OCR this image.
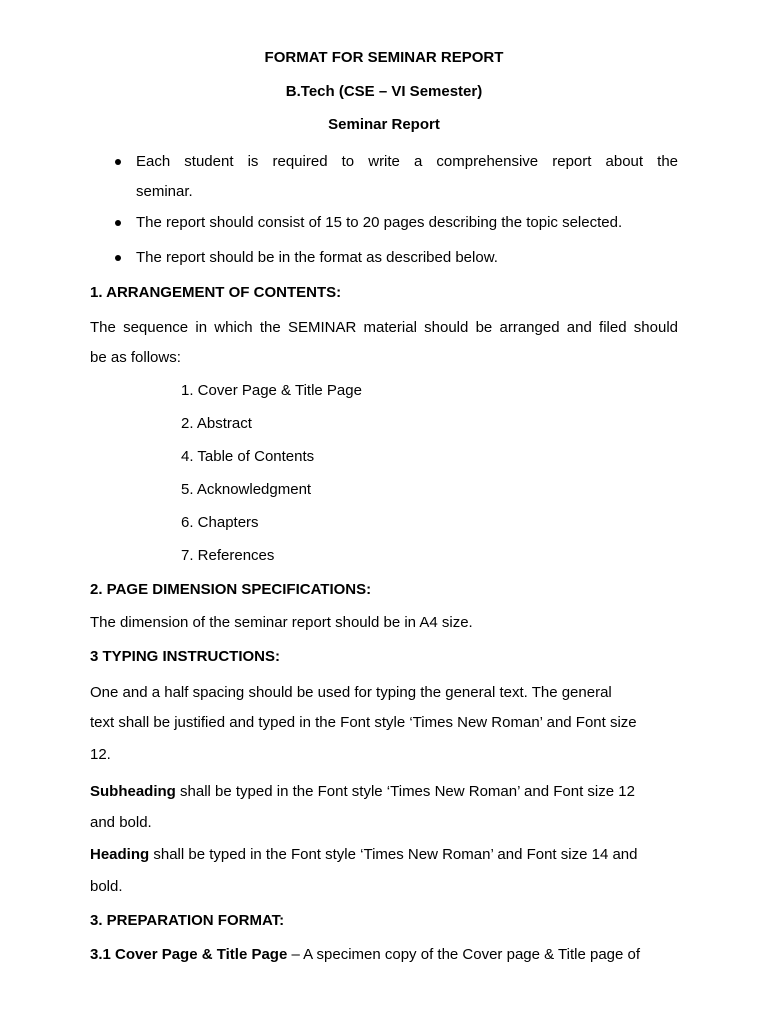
FORMAT FOR SEMINAR REPORT
B.Tech (CSE – VI Semester)
Seminar Report
Each student is required to write a comprehensive report about the
seminar.
The report should consist of 15 to 20 pages describing the topic selected.
The report should be in the format as described below.
1. ARRANGEMENT OF CONTENTS:
The sequence in which the SEMINAR material should be arranged and filed should
be as follows:
1. Cover Page & Title Page
2. Abstract
4. Table of Contents
5. Acknowledgment
6. Chapters
7. References
2. PAGE DIMENSION SPECIFICATIONS:
The dimension of the seminar report should be in A4 size.
3 TYPING INSTRUCTIONS:
One and a half spacing should be used for typing the general text. The general
text shall be justified and typed in the Font style ‘Times New Roman’ and Font size
12.
Subheading shall be typed in the Font style ‘Times New Roman’ and Font size 12
and bold.
Heading shall be typed in the Font style ‘Times New Roman’ and Font size 14 and
bold.
3. PREPARATION FORMAT:
3.1 Cover Page & Title Page – A specimen copy of the Cover page & Title page of
